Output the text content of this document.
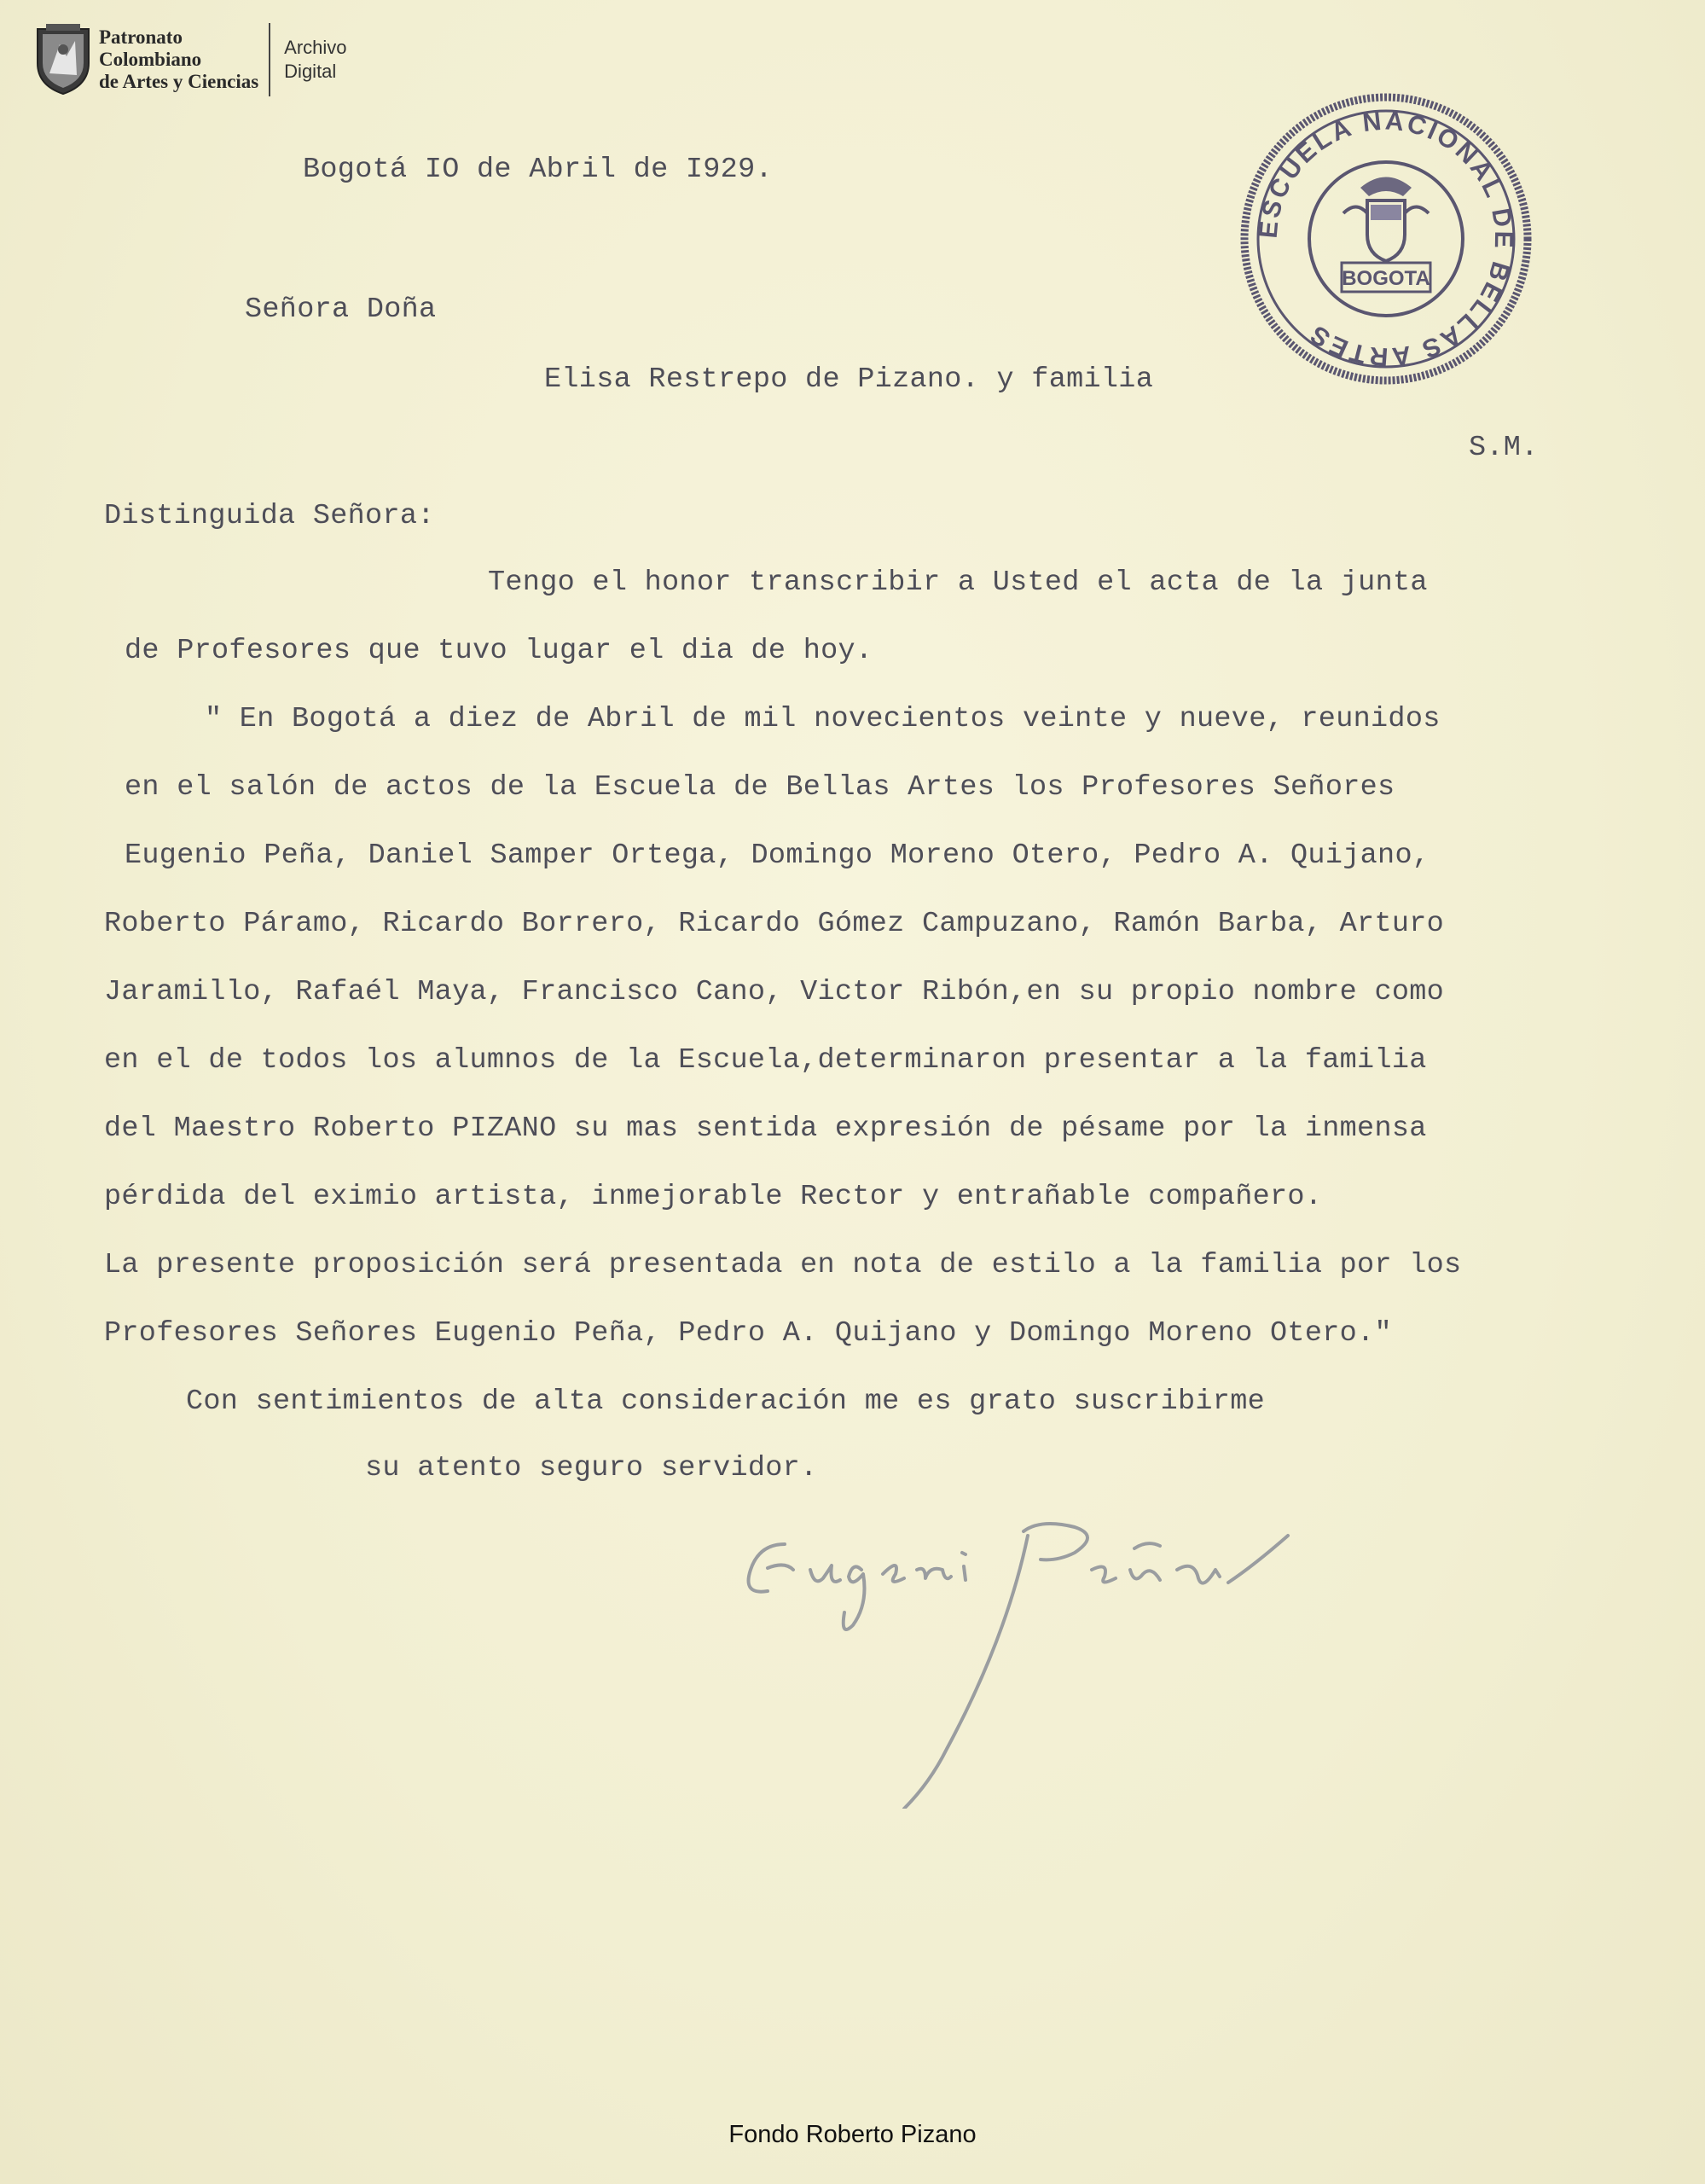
Patronato
Colombiano
de Artes y Ciencias
Archivo
Digital
ESCUELA NACIONAL DE BELLAS ARTES
BOGOTA
Bogotá IO de Abril de I929.
Señora Doña
Elisa Restrepo de Pizano. y familia
S.M.
Distinguida Señora:
Tengo el honor transcribir a Usted el acta de la junta
de Profesores que tuvo lugar el dia de hoy.
" En Bogotá a diez de Abril de mil novecientos veinte y nueve, reunidos
en el salón de actos de la Escuela de Bellas Artes los Profesores Señores
Eugenio Peña, Daniel Samper Ortega, Domingo Moreno Otero, Pedro A. Quijano,
Roberto Páramo, Ricardo Borrero, Ricardo Gómez Campuzano, Ramón Barba, Arturo
Jaramillo, Rafaél Maya, Francisco Cano, Victor Ribón,en su propio nombre como
en el de todos los alumnos de la Escuela,determinaron presentar a la familia
del Maestro Roberto PIZANO su mas sentida expresión de pésame por la inmensa
pérdida del eximio artista, inmejorable Rector y entrañable compañero.
La presente proposición será presentada en nota de estilo a la familia por los
Profesores Señores Eugenio Peña, Pedro A. Quijano y Domingo Moreno Otero."
Con sentimientos de alta consideración me es grato suscribirme
su atento seguro servidor.
Fondo Roberto Pizano
